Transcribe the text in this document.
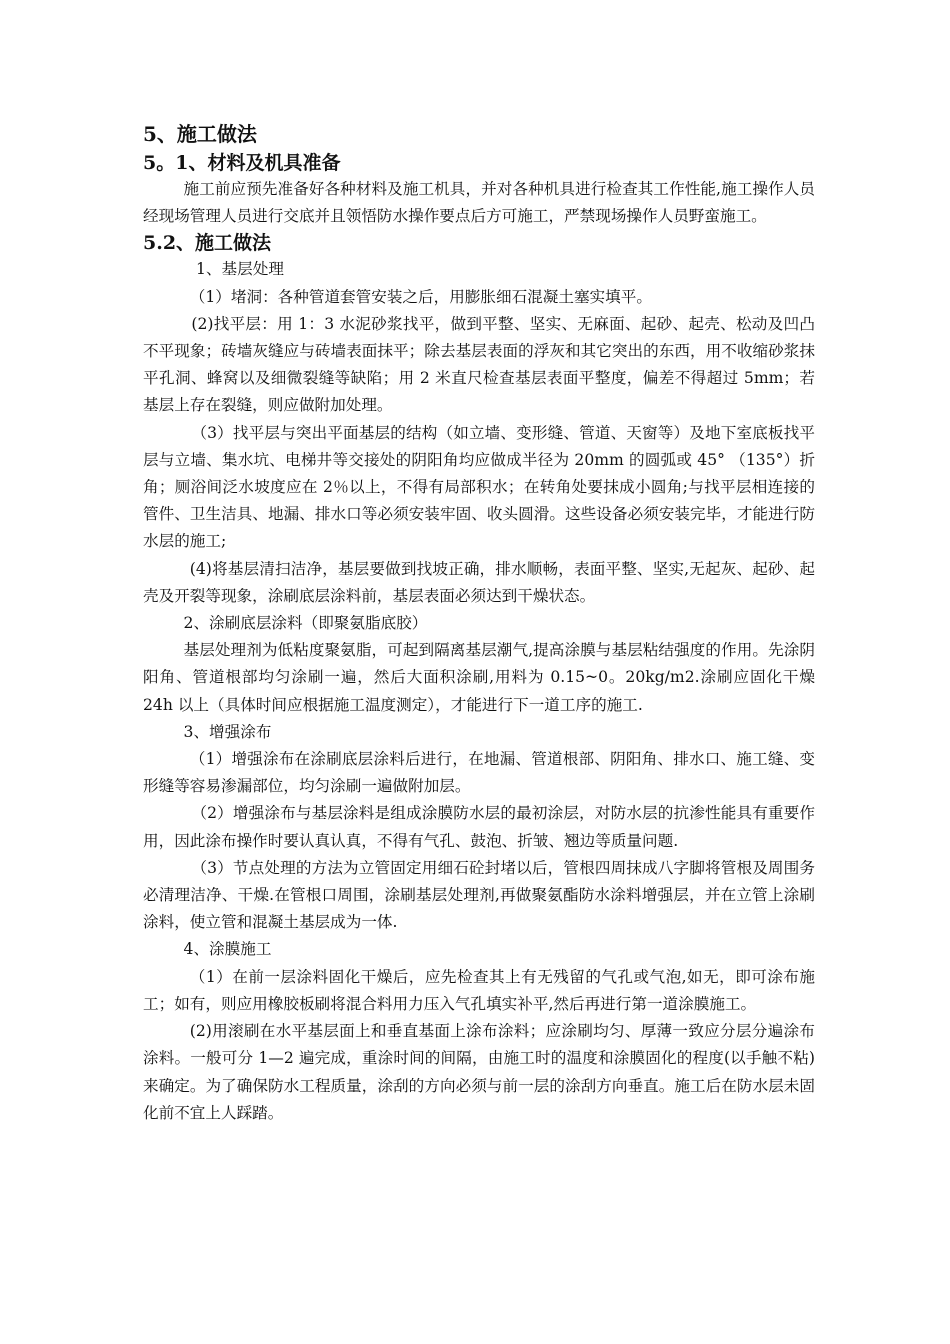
5、施工做法
5。1、材料及机具准备

施工前应预先准备好各种材料及施工机具，并对各种机具进行检查其工作性能,施工操作人员经现场管理人员进行交底并且领悟防水操作要点后方可施工，严禁现场操作人员野蛮施工。

5.2、施工做法

1、基层处理

（1）堵洞：各种管道套管安装之后，用膨胀细石混凝土塞实填平。

(2)找平层：用 1：3 水泥砂浆找平，做到平整、坚实、无麻面、起砂、起壳、松动及凹凸不平现象；砖墙灰缝应与砖墙表面抹平；除去基层表面的浮灰和其它突出的东西，用不收缩砂浆抹平孔洞、蜂窝以及细微裂缝等缺陷；用 2 米直尺检查基层表面平整度，偏差不得超过 5mm；若基层上存在裂缝，则应做附加处理。

（3）找平层与突出平面基层的结构（如立墙、变形缝、管道、天窗等）及地下室底板找平层与立墙、集水坑、电梯井等交接处的阴阳角均应做成半径为 20mm 的圆弧或 45° （135°）折角；厕浴间泛水坡度应在 2％以上，不得有局部积水；在转角处要抹成小圆角;与找平层相连接的管件、卫生洁具、地漏、排水口等必须安装牢固、收头圆滑。这些设备必须安装完毕，才能进行防水层的施工;

(4)将基层清扫洁净，基层要做到找坡正确，排水顺畅，表面平整、坚实,无起灰、起砂、起壳及开裂等现象，涂刷底层涂料前，基层表面必须达到干燥状态。

2、涂刷底层涂料（即聚氨脂底胶）

基层处理剂为低粘度聚氨脂，可起到隔离基层潮气,提高涂膜与基层粘结强度的作用。先涂阴阳角、管道根部均匀涂刷一遍，然后大面积涂刷,用料为 0.15~0。20kg/m2.涂刷应固化干燥 24h 以上（具体时间应根据施工温度测定），才能进行下一道工序的施工.

3、增强涂布

（1）增强涂布在涂刷底层涂料后进行，在地漏、管道根部、阴阳角、排水口、施工缝、变形缝等容易渗漏部位，均匀涂刷一遍做附加层。

（2）增强涂布与基层涂料是组成涂膜防水层的最初涂层，对防水层的抗渗性能具有重要作用，因此涂布操作时要认真认真，不得有气孔、鼓泡、折皱、翘边等质量问题.

（3）节点处理的方法为立管固定用细石砼封堵以后，管根四周抹成八字脚将管根及周围务必清理洁净、干燥.在管根口周围，涂刷基层处理剂,再做聚氨酯防水涂料增强层，并在立管上涂刷涂料，使立管和混凝土基层成为一体.

4、涂膜施工

（1）在前一层涂料固化干燥后，应先检查其上有无残留的气孔或气泡,如无，即可涂布施工；如有，则应用橡胶板刷将混合料用力压入气孔填实补平,然后再进行第一道涂膜施工。

(2)用滚刷在水平基层面上和垂直基面上涂布涂料；应涂刷均匀、厚薄一致应分层分遍涂布涂料。一般可分 1—2 遍完成，重涂时间的间隔，由施工时的温度和涂膜固化的程度(以手触不粘)来确定。为了确保防水工程质量，涂刮的方向必须与前一层的涂刮方向垂直。施工后在防水层未固化前不宜上人踩踏。
